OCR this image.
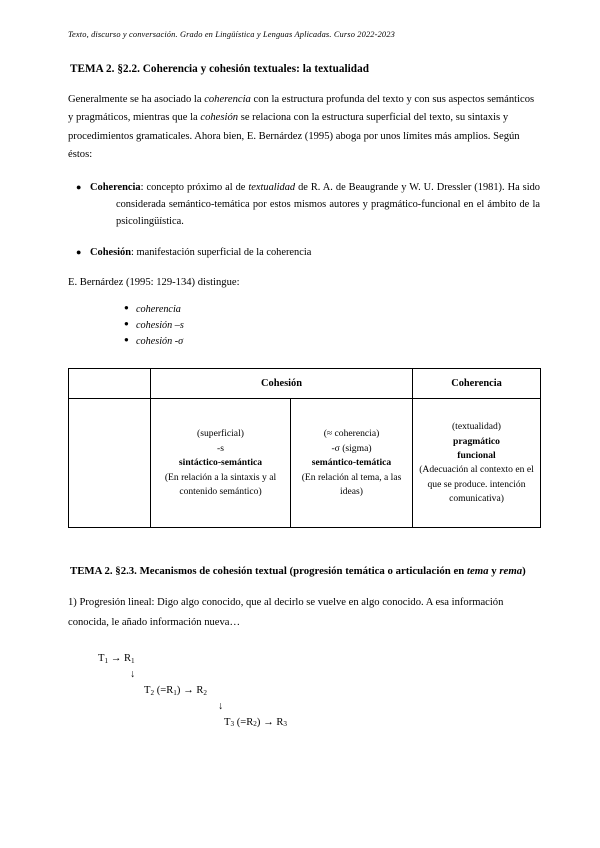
Texto, discurso y conversación. Grado en Lingüística y Lenguas Aplicadas. Curso 2022-2023
TEMA 2. §2.2. Coherencia y cohesión textuales: la textualidad

Generalmente se ha asociado la coherencia con la estructura profunda del texto y con sus aspectos semánticos y pragmáticos, mientras que la cohesión se relaciona con la estructura superficial del texto, su sintaxis y procedimientos gramaticales. Ahora bien, E. Bernárdez (1995) aboga por unos límites más amplios. Según éstos:

● Coherencia: concepto próximo al de textualidad de R. A. de Beaugrande y W. U. Dressler (1981). Ha sido considerada semántico-temática por estos mismos autores y pragmático-funcional en el ámbito de la psicolingüística.
● Cohesión: manifestación superficial de la coherencia

E. Bernárdez (1995: 129-134) distingue:

● coherencia
● cohesión –s
● cohesión -σ
	Cohesión		Coherencia

	(superficial)
-s
sintáctico-semántica
(En relación a la sintaxis y al contenido semántico)	(≈ coherencia)
-σ (sigma)
semántico-temática
(En relación al tema, a las ideas)	(textualidad)
pragmático
funcional
(Adecuación al contexto en el que se produce. intención comunicativa)
TEMA 2. §2.3. Mecanismos de cohesión textual (progresión temática o articulación en tema y rema)

1) Progresión lineal: Digo algo conocido, que al decirlo se vuelve en algo conocido. A esa información conocida, le añado información nueva…

$T_1 \to R_1$
↓
$T_2$ $(=R_1) \to R_2$
↓
$T_3$ $(=R_2) \to R_3$
